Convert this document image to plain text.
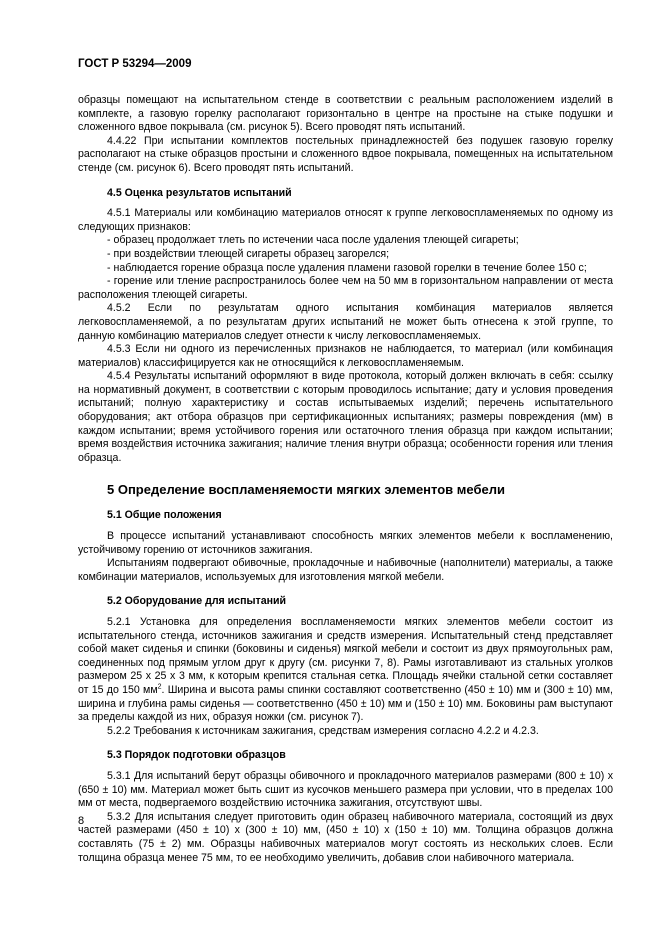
ГОСТ Р 53294—2009

образцы помещают на испытательном стенде в соответствии с реальным расположением изделий в комплекте, а газовую горелку располагают горизонтально в центре на простыне на стыке подушки и сложенного вдвое покрывала (см. рисунок 5). Всего проводят пять испытаний.

4.4.22 При испытании комплектов постельных принадлежностей без подушек газовую горелку располагают на стыке образцов простыни и сложенного вдвое покрывала, помещенных на испытательном стенде (см. рисунок 6). Всего проводят пять испытаний.

4.5 Оценка результатов испытаний

4.5.1 Материалы или комбинацию материалов относят к группе легковоспламеняемых по одному из следующих признаков:

- образец продолжает тлеть по истечении часа после удаления тлеющей сигареты;

- при воздействии тлеющей сигареты образец загорелся;

- наблюдается горение образца после удаления пламени газовой горелки в течение более 150 с;

- горение или тление распространилось более чем на 50 мм в горизонтальном направлении от места расположения тлеющей сигареты.

4.5.2 Если по результатам одного испытания комбинация материалов является легковоспламеняемой, а по результатам других испытаний не может быть отнесена к этой группе, то данную комбинацию материалов следует отнести к числу легковоспламеняемых.

4.5.3 Если ни одного из перечисленных признаков не наблюдается, то материал (или комбинация материалов) классифицируется как не относящийся к легковоспламеняемым.

4.5.4 Результаты испытаний оформляют в виде протокола, который должен включать в себя: ссылку на нормативный документ, в соответствии с которым проводилось испытание; дату и условия проведения испытаний; полную характеристику и состав испытываемых изделий; перечень испытательного оборудования; акт отбора образцов при сертификационных испытаниях; размеры повреждения (мм) в каждом испытании; время устойчивого горения или остаточного тления образца при каждом испытании; время воздействия источника зажигания; наличие тления внутри образца; особенности горения или тления образца.

5 Определение воспламеняемости мягких элементов мебели
5.1 Общие положения

В процессе испытаний устанавливают способность мягких элементов мебели к воспламенению, устойчивому горению от источников зажигания.

Испытаниям подвергают обивочные, прокладочные и набивочные (наполнители) материалы, а также комбинации материалов, используемых для изготовления мягкой мебели.

5.2 Оборудование для испытаний

5.2.1 Установка для определения воспламеняемости мягких элементов мебели состоит из испытательного стенда, источников зажигания и средств измерения. Испытательный стенд представляет собой макет сиденья и спинки (боковины и сиденья) мягкой мебели и состоит из двух прямоугольных рам, соединенных под прямым углом друг к другу (см. рисунки 7, 8). Рамы изготавливают из стальных уголков размером 25 х 25 х 3 мм, к которым крепится стальная сетка. Площадь ячейки стальной сетки составляет от 15 до 150 $мм^2$. Ширина и высота рамы спинки составляют соответственно (450 ± 10) мм и (300 ± 10) мм, ширина и глубина рамы сиденья — соответственно (450 ± 10) мм и (150 ± 10) мм. Боковины рам выступают за пределы каждой из них, образуя ножки (см. рисунок 7).

5.2.2 Требования к источникам зажигания, средствам измерения согласно 4.2.2 и 4.2.3.

5.3 Порядок подготовки образцов

5.3.1 Для испытаний берут образцы обивочного и прокладочного материалов размерами (800 ± 10) х (650 ± 10) мм. Материал может быть сшит из кусочков меньшего размера при условии, что в пределах 100 мм от места, подвергаемого воздействию источника зажигания, отсутствуют швы.

5.3.2 Для испытания следует приготовить один образец набивочного материала, состоящий из двух частей размерами (450 ± 10) х (300 ± 10) мм, (450 ± 10) х (150 ± 10) мм. Толщина образцов должна составлять (75 ± 2) мм. Образцы набивочных материалов могут состоять из нескольких слоев. Если толщина образца менее 75 мм, то ее необходимо увеличить, добавив слои набивочного материала.

8
